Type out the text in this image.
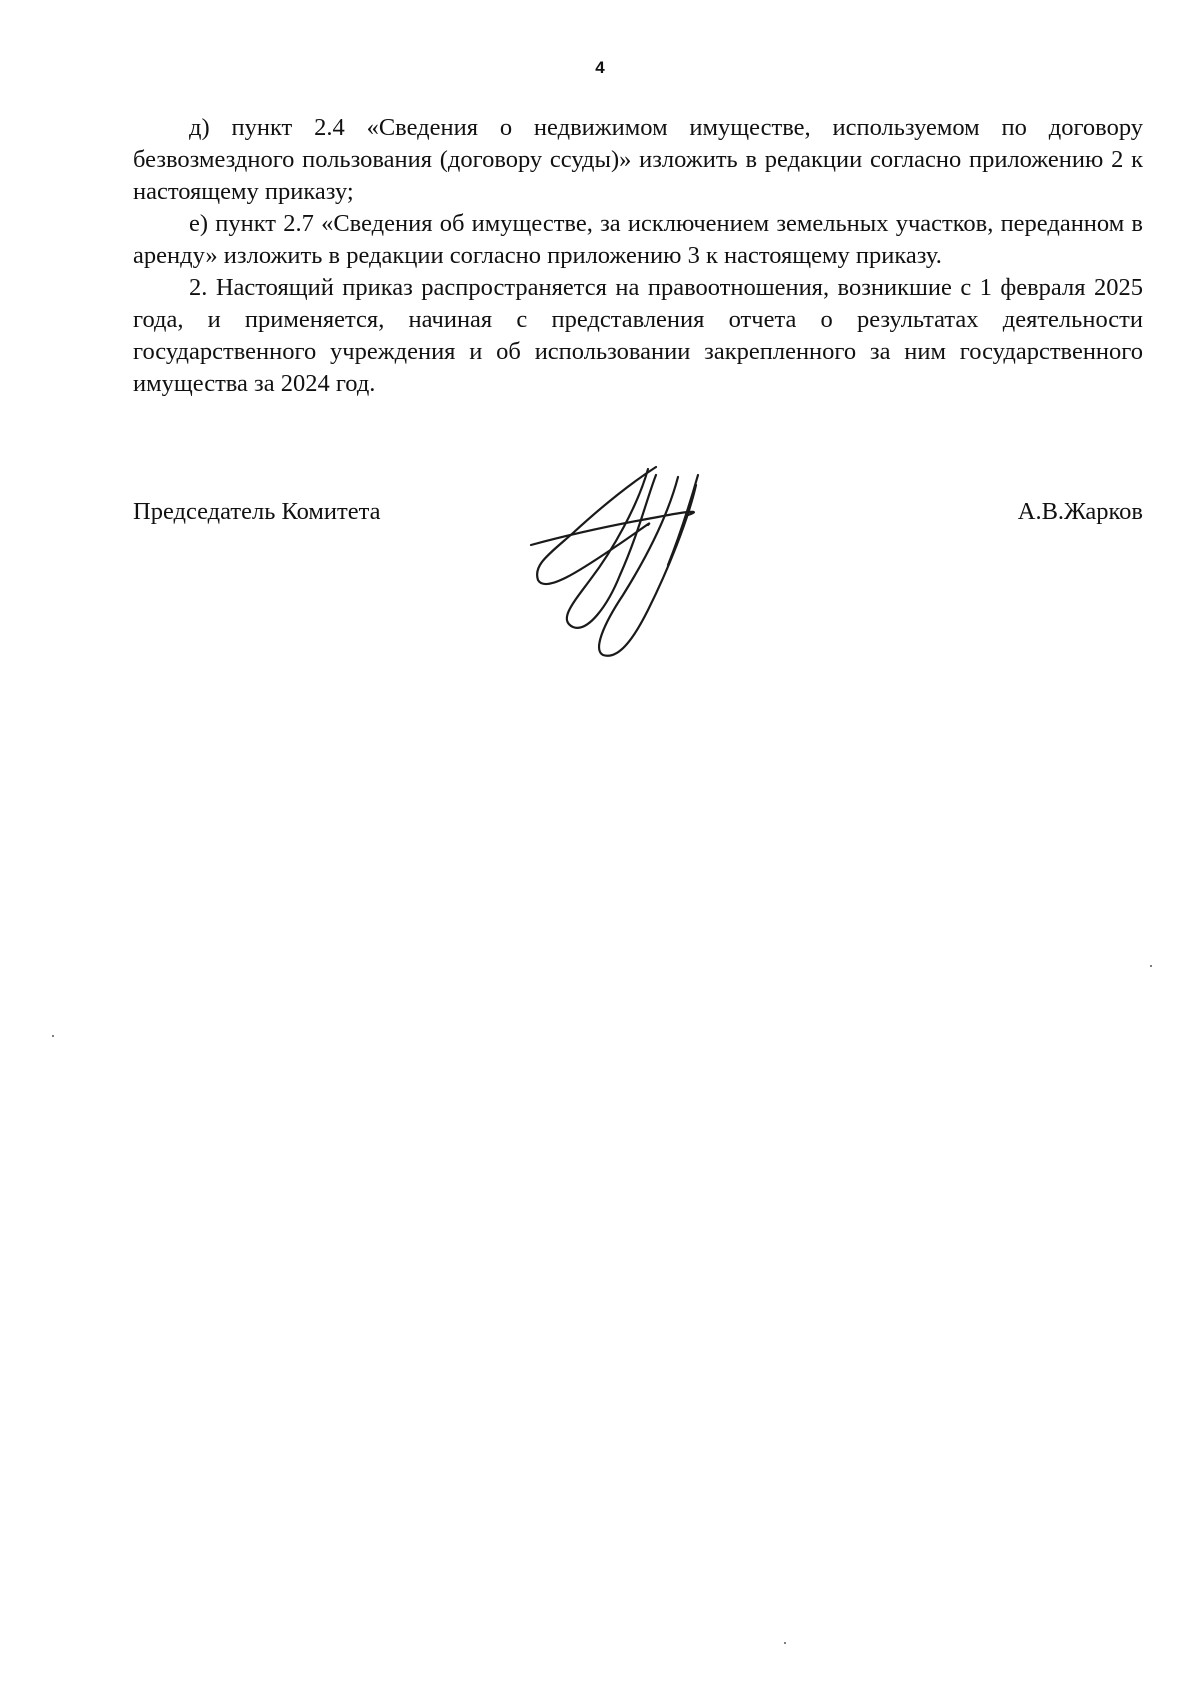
4

д) пункт 2.4 «Сведения о недвижимом имуществе, используемом по договору безвозмездного пользования (договору ссуды)» изложить в редакции согласно приложению 2 к настоящему приказу;

е) пункт 2.7 «Сведения об имуществе, за исключением земельных участков, переданном в аренду» изложить в редакции согласно приложению 3 к настоящему приказу.

2. Настоящий приказ распространяется на правоотношения, возникшие с 1 февраля 2025 года, и применяется, начиная с представления отчета о результатах деятельности государственного учреждения и об использовании закрепленного за ним государственного имущества за 2024 год.

Председатель Комитета	А.В.Жарков
